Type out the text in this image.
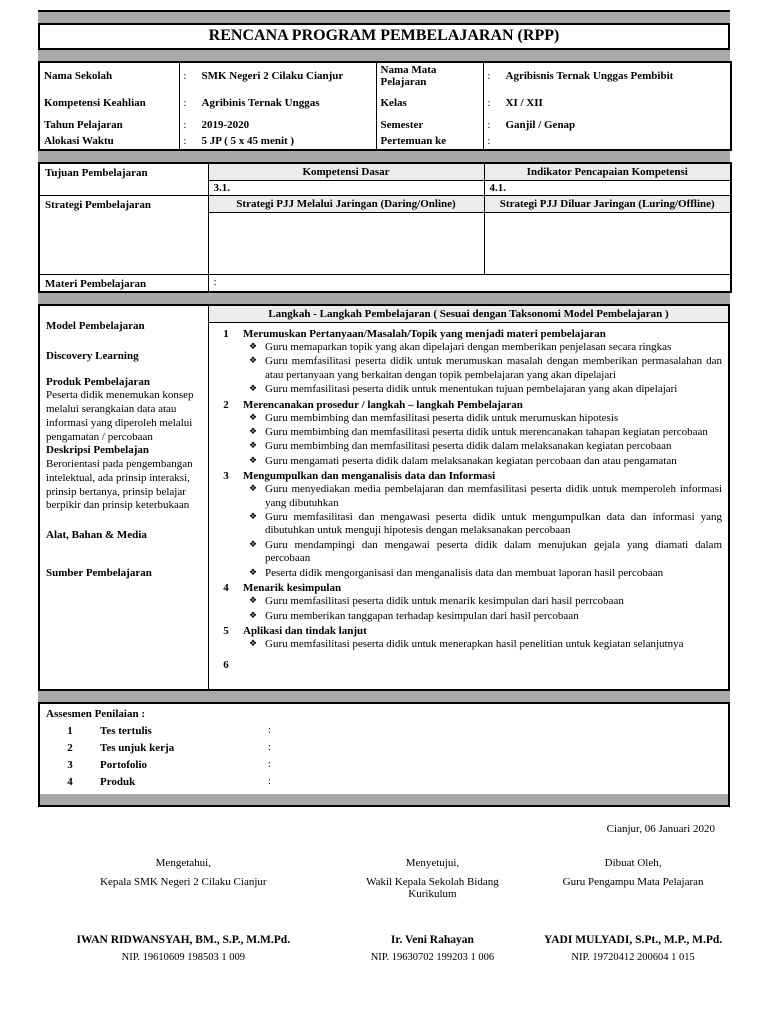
RENCANA PROGRAM PEMBELAJARAN (RPP)
Nama Sekolah	: SMK Negeri 2 Cilaku Cianjur	Nama Mata Pelajaran	: Agribisnis Ternak Unggas Pembibit

Kompetensi Keahlian	: Agribinis Ternak Unggas	Kelas	: XI / XII

Tahun Pelajaran	: 2019-2020	Semester	: Ganjil / Genap

Alokasi Waktu	: 5 JP ( 5 x 45 menit )	Pertemuan ke	:
Tujuan Pembelajaran	Kompetensi Dasar	Indikator Pencapaian Kompetensi
	3.1.	4.1.
Strategi Pembelajaran	Strategi PJJ Melalui Jaringan (Daring/Online)	Strategi PJJ Diluar Jaringan (Luring/Offline)

Materi Pembelajaran	:	
Model Pembelajaran
Discovery Learning
Produk Pembelajaran
Peserta didik menemukan konsep melalui serangkaian data atau informasi yang diperoleh melalui pengamatan / percobaan
Deskripsi Pembelajan
Berorientasi pada pengembangan intelektual, ada prinsip interaksi, prinsip bertanya, prinsip belajar berpikir dan prinsip keterbukaan
Alat, Bahan & Media
Sumber Pembelajaran
Langkah - Langkah Pembelajaran ( Sesuai dengan Taksonomi Model Pembelajaran )
1	Merumuskan Pertanyaan/Masalah/Topik yang menjadi materi pembelajaran
❖ Guru memaparkan topik yang akan dipelajari dengan memberikan penjelasan secara ringkas
❖ Guru memfasilitasi peserta didik untuk merumuskan masalah dengan memberikan permasalahan dan atau pertanyaan yang berkaitan dengan topik pembelajaran yang akan dipelajari
❖ Guru memfasilitasi peserta didik untuk menentukan tujuan pembelajaran yang akan dipelajari
2	Merencanakan prosedur / langkah – langkah Pembelajaran
❖ Guru membimbing dan memfasilitasi peserta didik untuk merumuskan hipotesis
❖ Guru membimbing dan memfasilitasi peserta didik untuk merencanakan tahapan kegiatan percobaan
❖ Guru membimbing dan memfasilitasi peserta didik dalam melaksanakan kegiatan percobaan
❖ Guru mengamati peserta didik dalam melaksanakan kegiatan percobaan dan atau pengamatan
3	Mengumpulkan dan menganalisis data dan Informasi
❖ Guru menyediakan media pembelajaran dan memfasilitasi peserta didik untuk memperoleh informasi yang dibutuhkan
❖ Guru memfasilitasi dan mengawasi peserta didik untuk mengumpulkan data dan informasi yang dibutuhkan untuk menguji hipotesis dengan melaksanakan percobaan
❖ Guru mendampingi dan mengawai peserta didik dalam menujukan gejala yang diamati dalam percobaan
❖ Peserta didik mengorganisasi dan menganalisis data dan membuat laporan hasil percobaan
4	Menarik kesimpulan
❖ Guru memfasilitasi peserta didik untuk menarik kesimpulan dari hasil perrcobaan
❖ Guru memberikan tanggapan terhadap kesimpulan dari hasil percobaan
5	Aplikasi dan tindak lanjut
❖ Guru memfasilitasi peserta didik untuk menerapkan hasil penelitian untuk kegiatan selanjutnya
6
Assesmen Penilaian :
1	Tes tertulis	:
2	Tes unjuk kerja	:
3	Portofolio	:
4	Produk	:
Cianjur, 06 Januari 2020
Mengetahui,
Kepala SMK Negeri 2 Cilaku Cianjur
Menyetujui,
Wakil Kepala Sekolah Bidang Kurikulum
Dibuat Oleh,
Guru Pengampu Mata Pelajaran
IWAN RIDWANSYAH, BM., S.P., M.M.Pd.
NIP. 19610609 198503 1 009
Ir. Veni Rahayan
NIP. 19630702 199203 1 006
YADI MULYADI, S.Pt., M.P., M.Pd.
NIP. 19720412 200604 1 015
